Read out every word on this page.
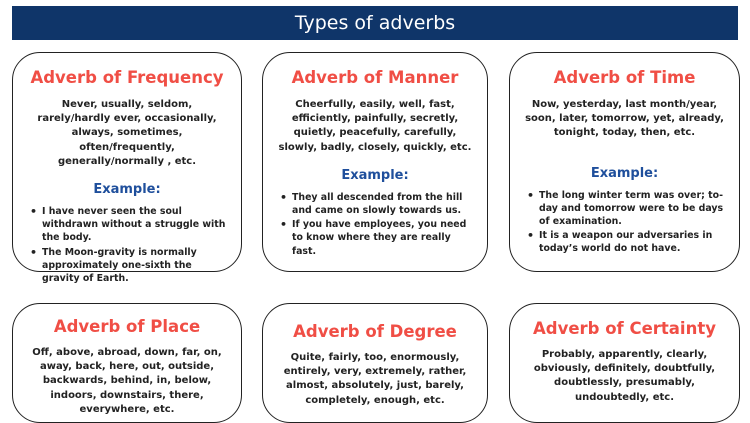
Types of adverbs
Adverb of Frequency
Never, usually, seldom, rarely/hardly ever, occasionally, always, sometimes, often/frequently, generally/normally , etc.
Example:
• I have never seen the soul withdrawn without a struggle with the body.
• The Moon-gravity is normally approximately one-sixth the gravity of Earth.
Adverb of Manner
Cheerfully, easily, well, fast, efficiently, painfully, secretly, quietly, peacefully, carefully, slowly, badly, closely, quickly, etc.
Example:
• They all descended from the hill and came on slowly towards us.
• If you have employees, you need to know where they are really fast.
Adverb of Time
Now, yesterday, last month/year, soon, later, tomorrow, yet, already, tonight, today, then, etc.
Example:
• The long winter term was over; to-day and tomorrow were to be days of examination.
• It is a weapon our adversaries in today’s world do not have.
Adverb of Place
Off, above, abroad, down, far, on, away, back, here, out, outside, backwards, behind, in, below, indoors, downstairs, there, everywhere, etc.
Adverb of Degree
Quite, fairly, too, enormously, entirely, very, extremely, rather, almost, absolutely, just, barely, completely, enough, etc.
Adverb of Certainty
Probably, apparently, clearly, obviously, definitely, doubtfully, doubtlessly, presumably, undoubtedly, etc.
